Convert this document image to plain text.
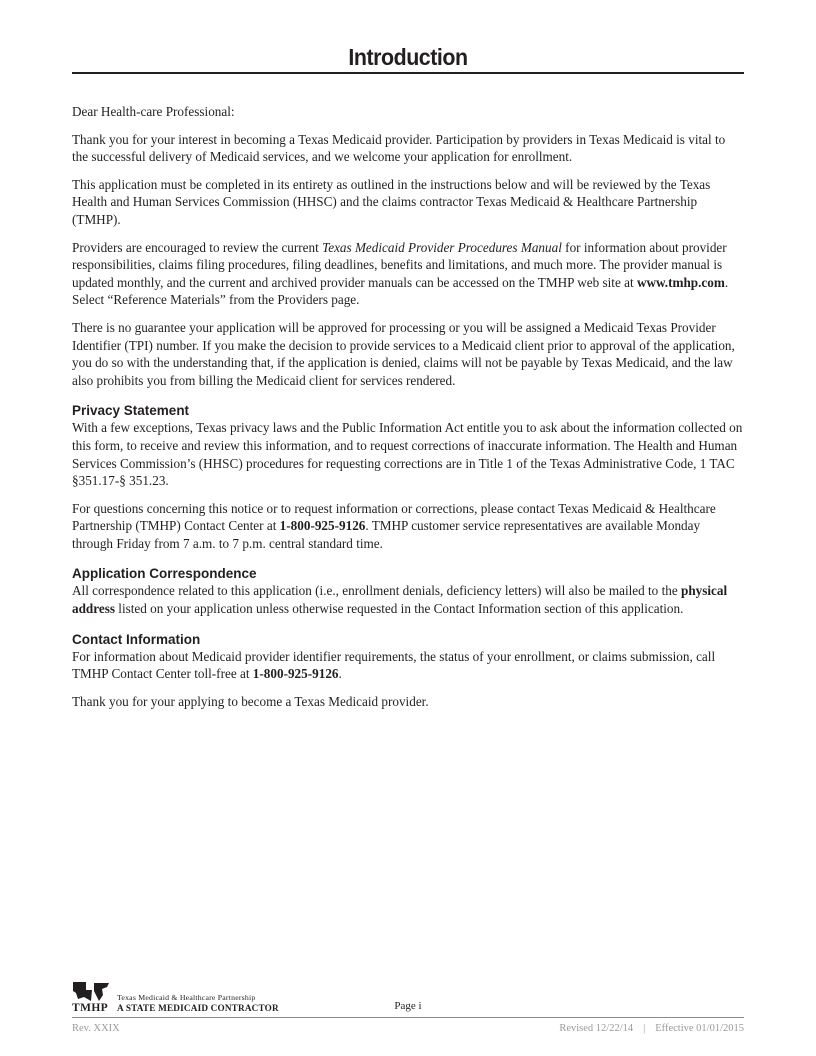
Introduction

Dear Health-care Professional:

Thank you for your interest in becoming a Texas Medicaid provider. Participation by providers in Texas Medicaid is vital to the successful delivery of Medicaid services, and we welcome your application for enrollment.

This application must be completed in its entirety as outlined in the instructions below and will be reviewed by the Texas Health and Human Services Commission (HHSC) and the claims contractor Texas Medicaid & Healthcare Partnership (TMHP).

Providers are encouraged to review the current Texas Medicaid Provider Procedures Manual for information about provider responsibilities, claims filing procedures, filing deadlines, benefits and limitations, and much more. The provider manual is updated monthly, and the current and archived provider manuals can be accessed on the TMHP web site at www.tmhp.com. Select “Reference Materials” from the Providers page.

There is no guarantee your application will be approved for processing or you will be assigned a Medicaid Texas Provider Identifier (TPI) number. If you make the decision to provide services to a Medicaid client prior to approval of the application, you do so with the understanding that, if the application is denied, claims will not be payable by Texas Medicaid, and the law also prohibits you from billing the Medicaid client for services rendered.

Privacy Statement

With a few exceptions, Texas privacy laws and the Public Information Act entitle you to ask about the information collected on this form, to receive and review this information, and to request corrections of inaccurate information. The Health and Human Services Commission’s (HHSC) procedures for requesting corrections are in Title 1 of the Texas Administrative Code, 1 TAC §351.17-§ 351.23.

For questions concerning this notice or to request information or corrections, please contact Texas Medicaid & Healthcare Partnership (TMHP) Contact Center at 1-800-925-9126. TMHP customer service representatives are available Monday through Friday from 7 a.m. to 7 p.m. central standard time.

Application Correspondence

All correspondence related to this application (i.e., enrollment denials, deficiency letters) will also be mailed to the physical address listed on your application unless otherwise requested in the Contact Information section of this application.

Contact Information

For information about Medicaid provider identifier requirements, the status of your enrollment, or claims submission, call TMHP Contact Center toll-free at 1-800-925-9126.

Thank you for your applying to become a Texas Medicaid provider.

TMHP
Texas Medicaid & Healthcare Partnership
A STATE MEDICAID CONTRACTOR	Page i
Rev. XXIX	Revised 12/22/14 | Effective 01/01/2015
